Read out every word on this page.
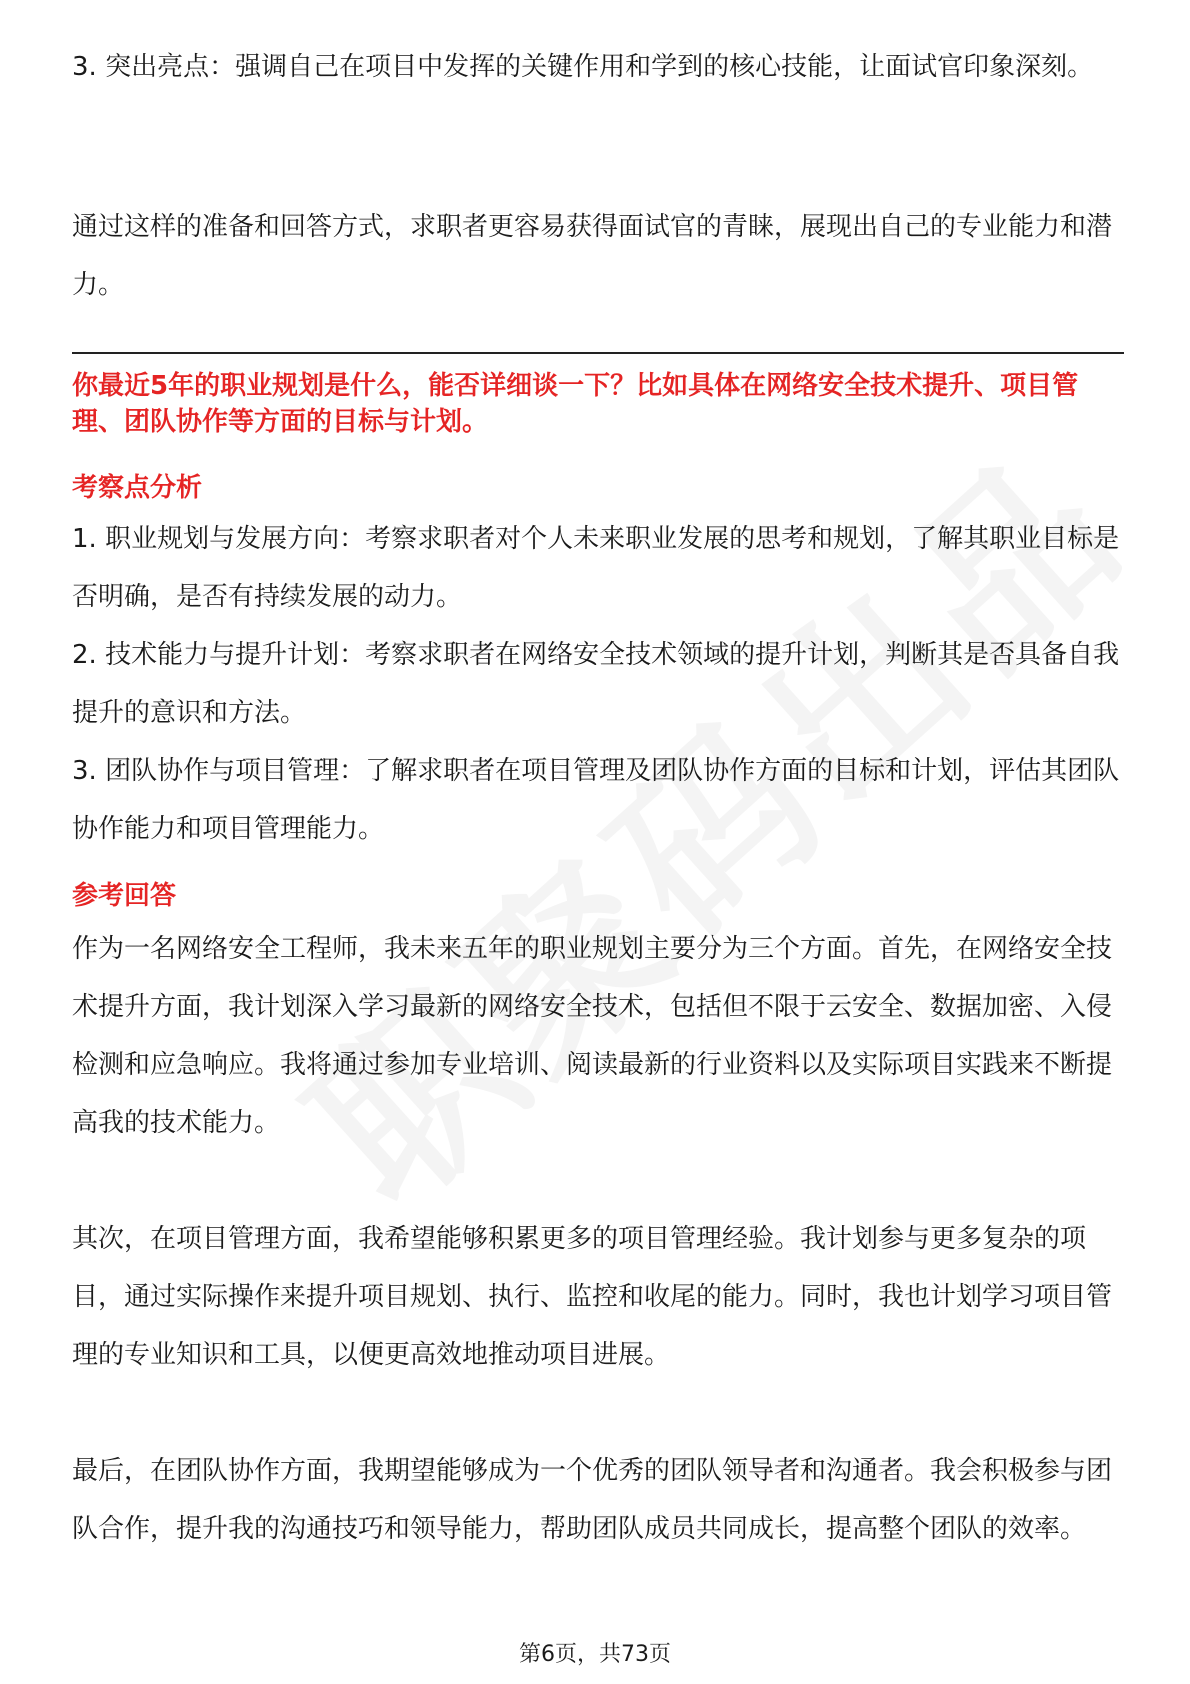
3. 突出亮点：强调自己在项目中发挥的关键作用和学到的核心技能，让面试官印象深刻。

通过这样的准备和回答方式，求职者更容易获得面试官的青睐，展现出自己的专业能力和潜力。

你最近5年的职业规划是什么，能否详细谈一下？比如具体在网络安全技术提升、项目管理、团队协作等方面的目标与计划。

考察点分析

1. 职业规划与发展方向：考察求职者对个人未来职业发展的思考和规划，了解其职业目标是否明确，是否有持续发展的动力。

2. 技术能力与提升计划：考察求职者在网络安全技术领域的提升计划，判断其是否具备自我提升的意识和方法。

3. 团队协作与项目管理：了解求职者在项目管理及团队协作方面的目标和计划，评估其团队协作能力和项目管理能力。

参考回答

作为一名网络安全工程师，我未来五年的职业规划主要分为三个方面。首先，在网络安全技术提升方面，我计划深入学习最新的网络安全技术，包括但不限于云安全、数据加密、入侵检测和应急响应。我将通过参加专业培训、阅读最新的行业资料以及实际项目实践来不断提高我的技术能力。

其次，在项目管理方面，我希望能够积累更多的项目管理经验。我计划参与更多复杂的项目，通过实际操作来提升项目规划、执行、监控和收尾的能力。同时，我也计划学习项目管理的专业知识和工具，以便更高效地推动项目进展。

最后，在团队协作方面，我期望能够成为一个优秀的团队领导者和沟通者。我会积极参与团队合作，提升我的沟通技巧和领导能力，帮助团队成员共同成长，提高整个团队的效率。

第6页，共73页
